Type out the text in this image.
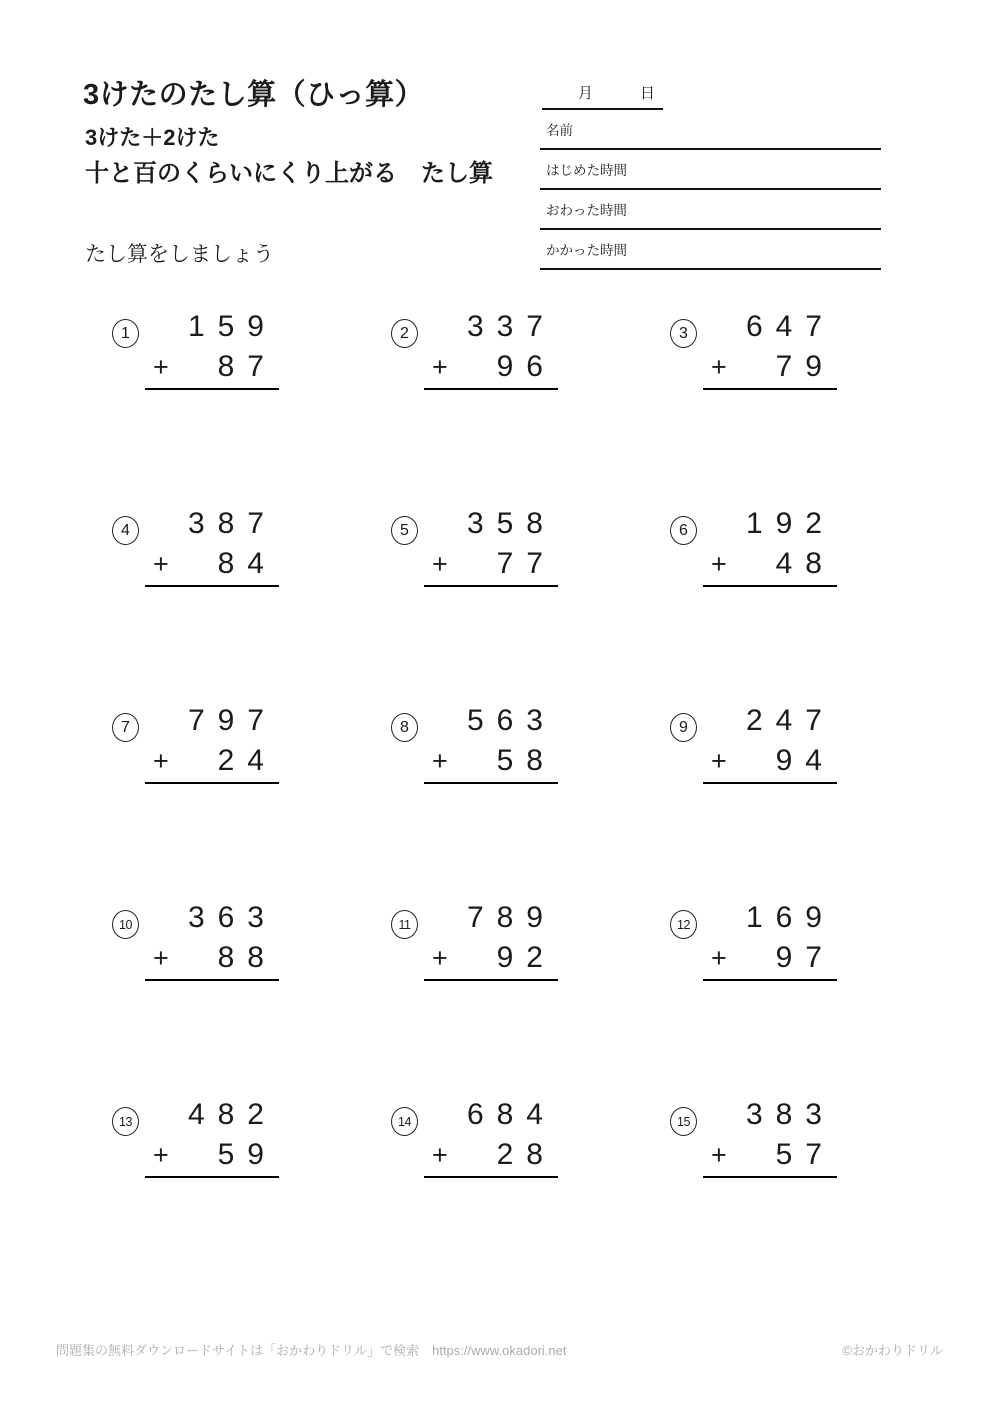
3けたのたし算（ひっ算）
3けた＋2けた
十と百のくらいにくり上がる　たし算
たし算をしましょう
月	日
名前
はじめた時間
おわった時間
かかった時間
1	159
+	87
2	337
+	96
3	647
+	79
4	387
+	84
5	358
+	77
6	192
+	48
7	797
+	24
8	563
+	58
9	247
+	94
10	363
+	88
11	789
+	92
12	169
+	97
13	482
+	59
14	684
+	28
15	383
+	57
問題集の無料ダウンロードサイトは「おかわりドリル」で検索　https://www.okadori.net	©おかわりドリル
